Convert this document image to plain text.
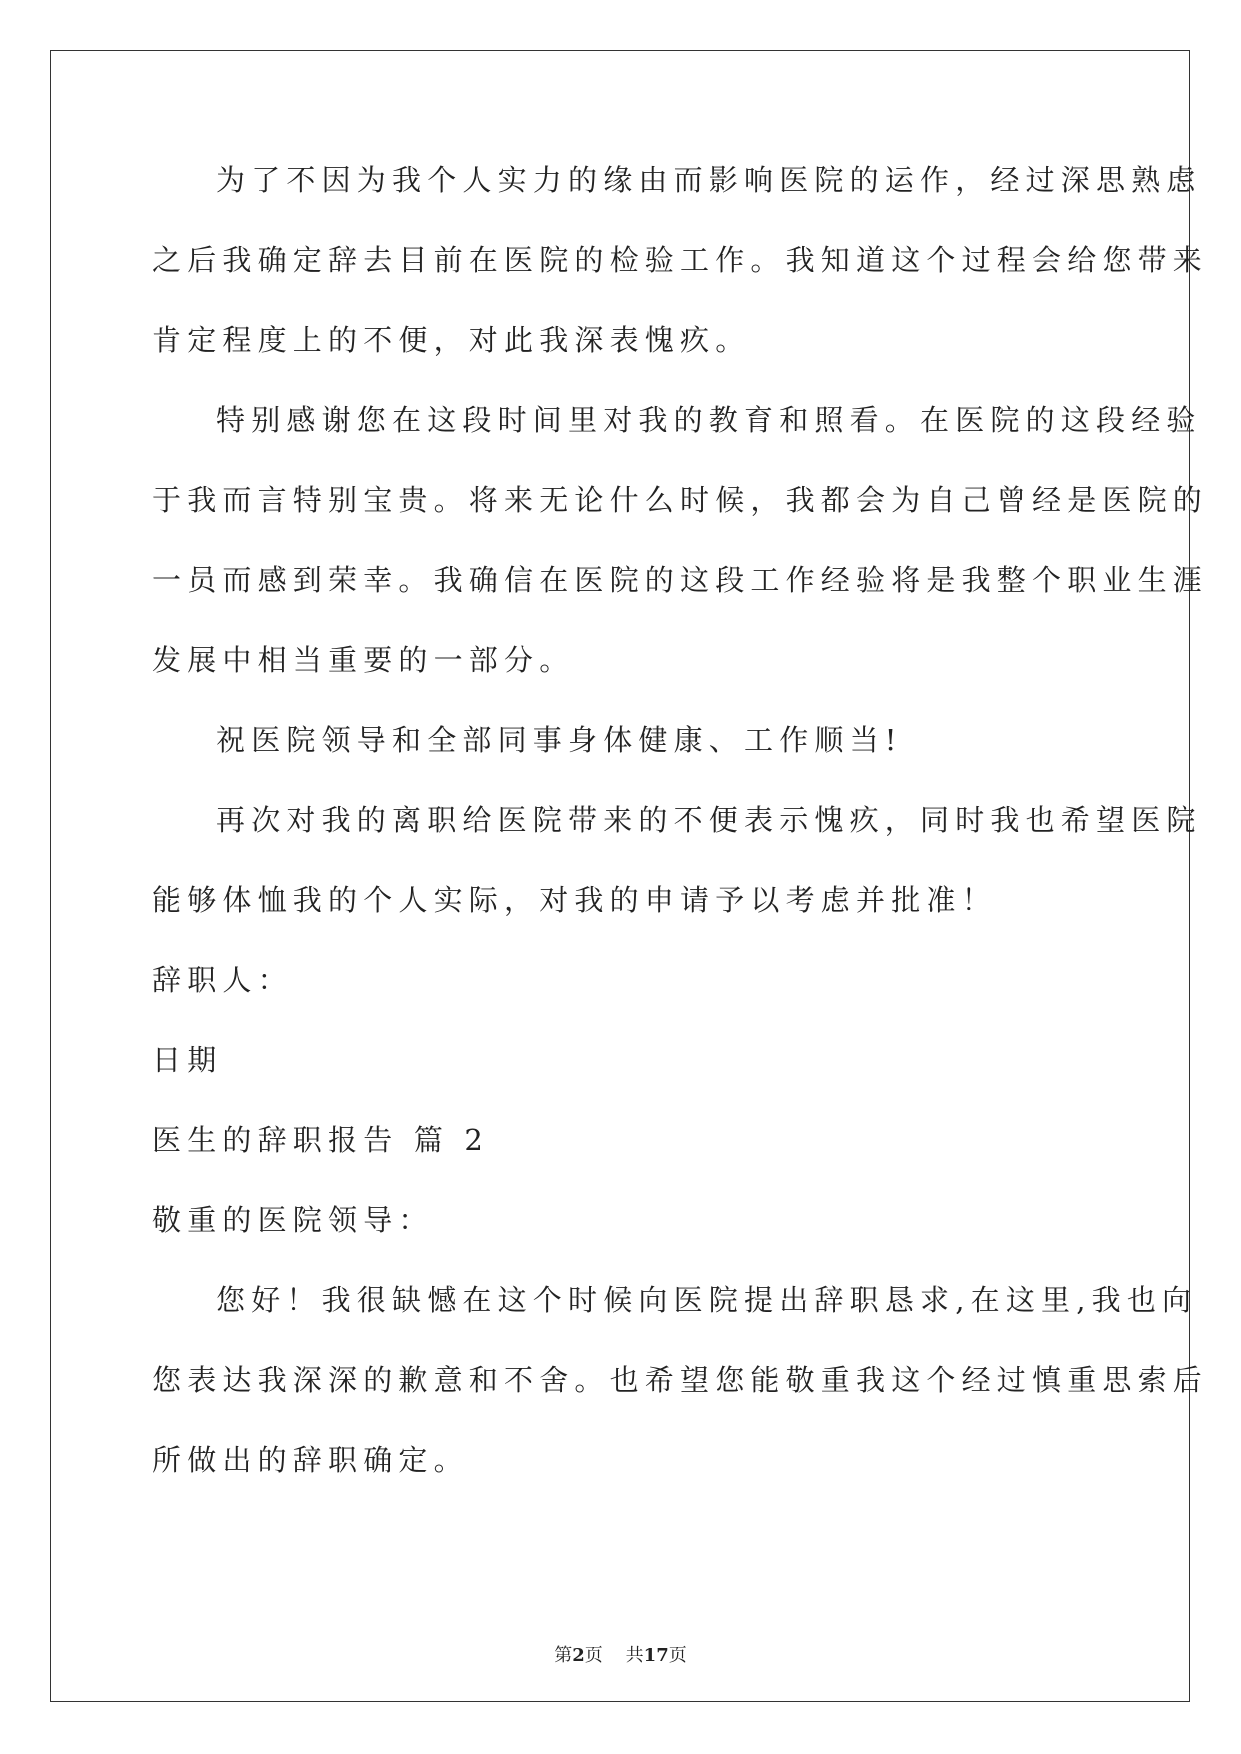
为了不因为我个人实力的缘由而影响医院的运作，经过深思熟虑
之后我确定辞去目前在医院的检验工作。我知道这个过程会给您带来
肯定程度上的不便，对此我深表愧疚。
特别感谢您在这段时间里对我的教育和照看。在医院的这段经验
于我而言特别宝贵。将来无论什么时候，我都会为自己曾经是医院的
一员而感到荣幸。我确信在医院的这段工作经验将是我整个职业生涯
发展中相当重要的一部分。
祝医院领导和全部同事身体健康、工作顺当!
再次对我的离职给医院带来的不便表示愧疚，同时我也希望医院
能够体恤我的个人实际，对我的申请予以考虑并批准！
辞职人：
日期
医生的辞职报告 篇 2
敬重的医院领导：
您好！我很缺憾在这个时候向医院提出辞职恳求,在这里,我也向
您表达我深深的歉意和不舍。也希望您能敬重我这个经过慎重思索后
所做出的辞职确定。
第2页    共17页
